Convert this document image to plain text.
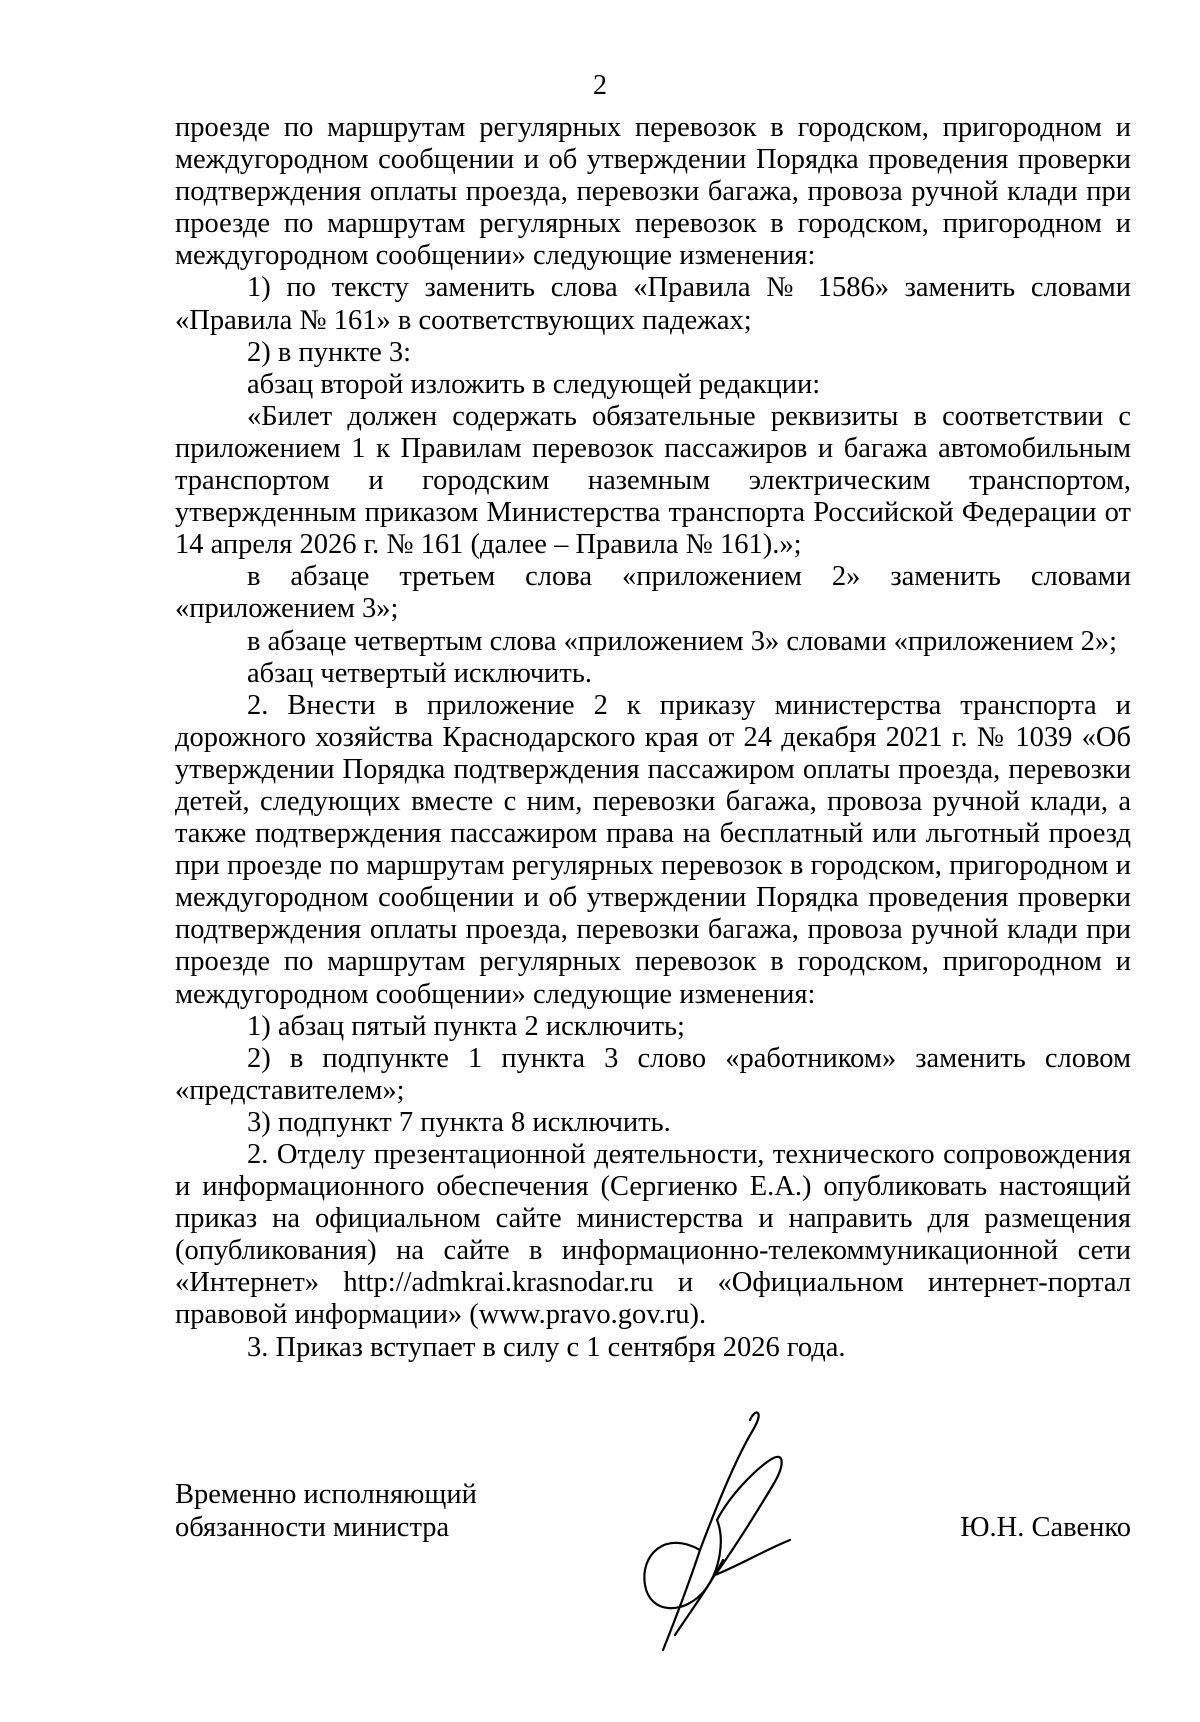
2

проезде по маршрутам регулярных перевозок в городском, пригородном и междугородном сообщении и об утверждении Порядка проведения проверки подтверждения оплаты проезда, перевозки багажа, провоза ручной клади при проезде по маршрутам регулярных перевозок в городском, пригородном и междугородном сообщении» следующие изменения:

1) по тексту заменить слова «Правила № 1586» заменить словами «Правила № 161» в соответствующих падежах;

2) в пункте 3:

абзац второй изложить в следующей редакции:

«Билет должен содержать обязательные реквизиты в соответствии с приложением 1 к Правилам перевозок пассажиров и багажа автомобильным транспортом и городским наземным электрическим транспортом, утвержденным приказом Министерства транспорта Российской Федерации от 14 апреля 2026 г. № 161 (далее – Правила № 161).»;

в абзаце третьем слова «приложением 2» заменить словами «приложением 3»;

в абзаце четвертым слова «приложением 3» словами «приложением 2»;

абзац четвертый исключить.

2. Внести в приложение 2 к приказу министерства транспорта и дорожного хозяйства Краснодарского края от 24 декабря 2021 г. № 1039 «Об утверждении Порядка подтверждения пассажиром оплаты проезда, перевозки детей, следующих вместе с ним, перевозки багажа, провоза ручной клади, а также подтверждения пассажиром права на бесплатный или льготный проезд при проезде по маршрутам регулярных перевозок в городском, пригородном и междугородном сообщении и об утверждении Порядка проведения проверки подтверждения оплаты проезда, перевозки багажа, провоза ручной клади при проезде по маршрутам регулярных перевозок в городском, пригородном и междугородном сообщении» следующие изменения:

1) абзац пятый пункта 2 исключить;

2) в подпункте 1 пункта 3 слово «работником» заменить словом «представителем»;

3) подпункт 7 пункта 8 исключить.

2. Отделу презентационной деятельности, технического сопровождения и информационного обеспечения (Сергиенко Е.А.) опубликовать настоящий приказ на официальном сайте министерства и направить для размещения (опубликования) на сайте в информационно-телекоммуникационной сети «Интернет» http://admkrai.krasnodar.ru и «Официальном интернет-портал правовой информации» (www.pravo.gov.ru).

3. Приказ вступает в силу с 1 сентября 2026 года.

Временно исполняющий
обязанности министра	Ю.Н. Савенко
